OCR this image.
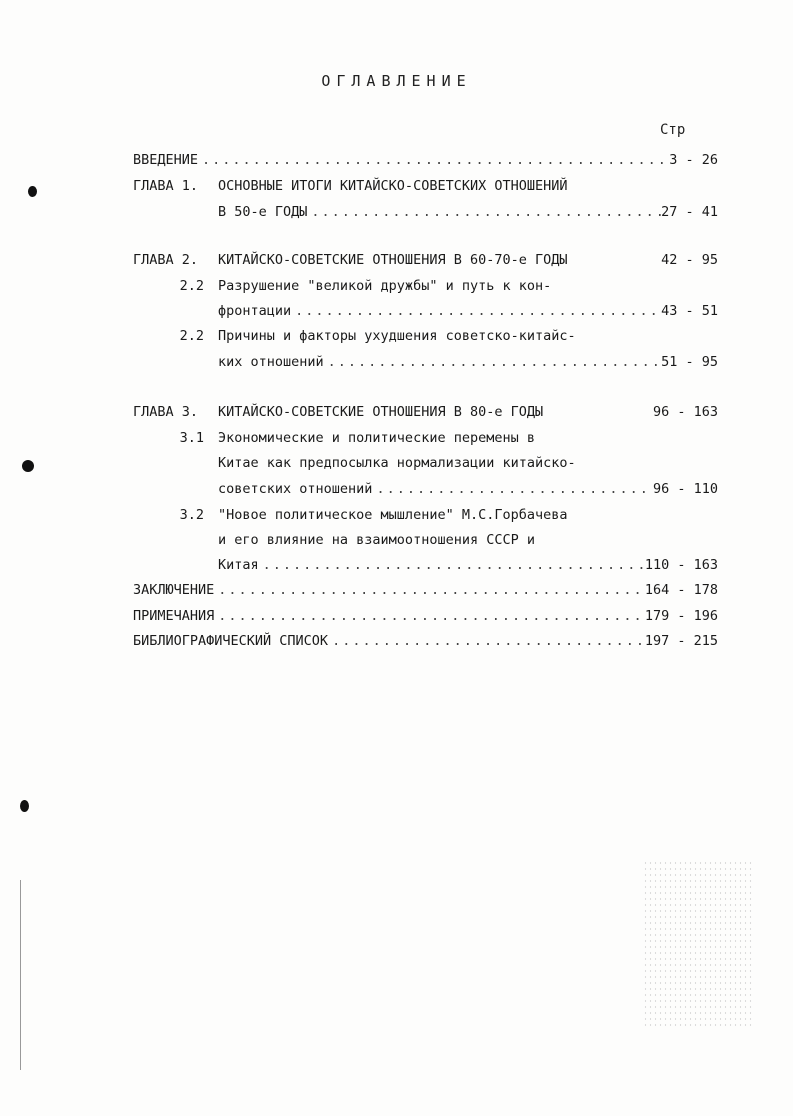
ОГЛАВЛЕНИЕ
Стр
ВВЕДЕНИЕ .....	3 - 26
ГЛАВА 1.	ОСНОВНЫЕ ИТОГИ КИТАЙСКО-СОВЕТСКИХ ОТНОШЕНИЙ
В 50-е ГОДЫ .....	27 - 41
ГЛАВА 2.	КИТАЙСКО-СОВЕТСКИЕ ОТНОШЕНИЯ В 60-70-е ГОДЫ	42 - 95
2.2	Разрушение "великой дружбы" и путь к кон-
фронтации .....	43 - 51
2.2	Причины и факторы ухудшения советско-китайс-
ких отношений .....	51 - 95
ГЛАВА 3.	КИТАЙСКО-СОВЕТСКИЕ ОТНОШЕНИЯ В 80-е ГОДЫ	96 - 163
3.1	Экономические и политические перемены в
Китае как предпосылка нормализации китайско-
советских отношений .....	96 - 110
3.2	"Новое политическое мышление" М.С.Горбачева
и его влияние на взаимоотношения СССР и
Китая .....	110 - 163
ЗАКЛЮЧЕНИЕ .....	164 - 178
ПРИМЕЧАНИЯ .....	179 - 196
БИБЛИОГРАФИЧЕСКИЙ СПИСОК .....	197 - 215
